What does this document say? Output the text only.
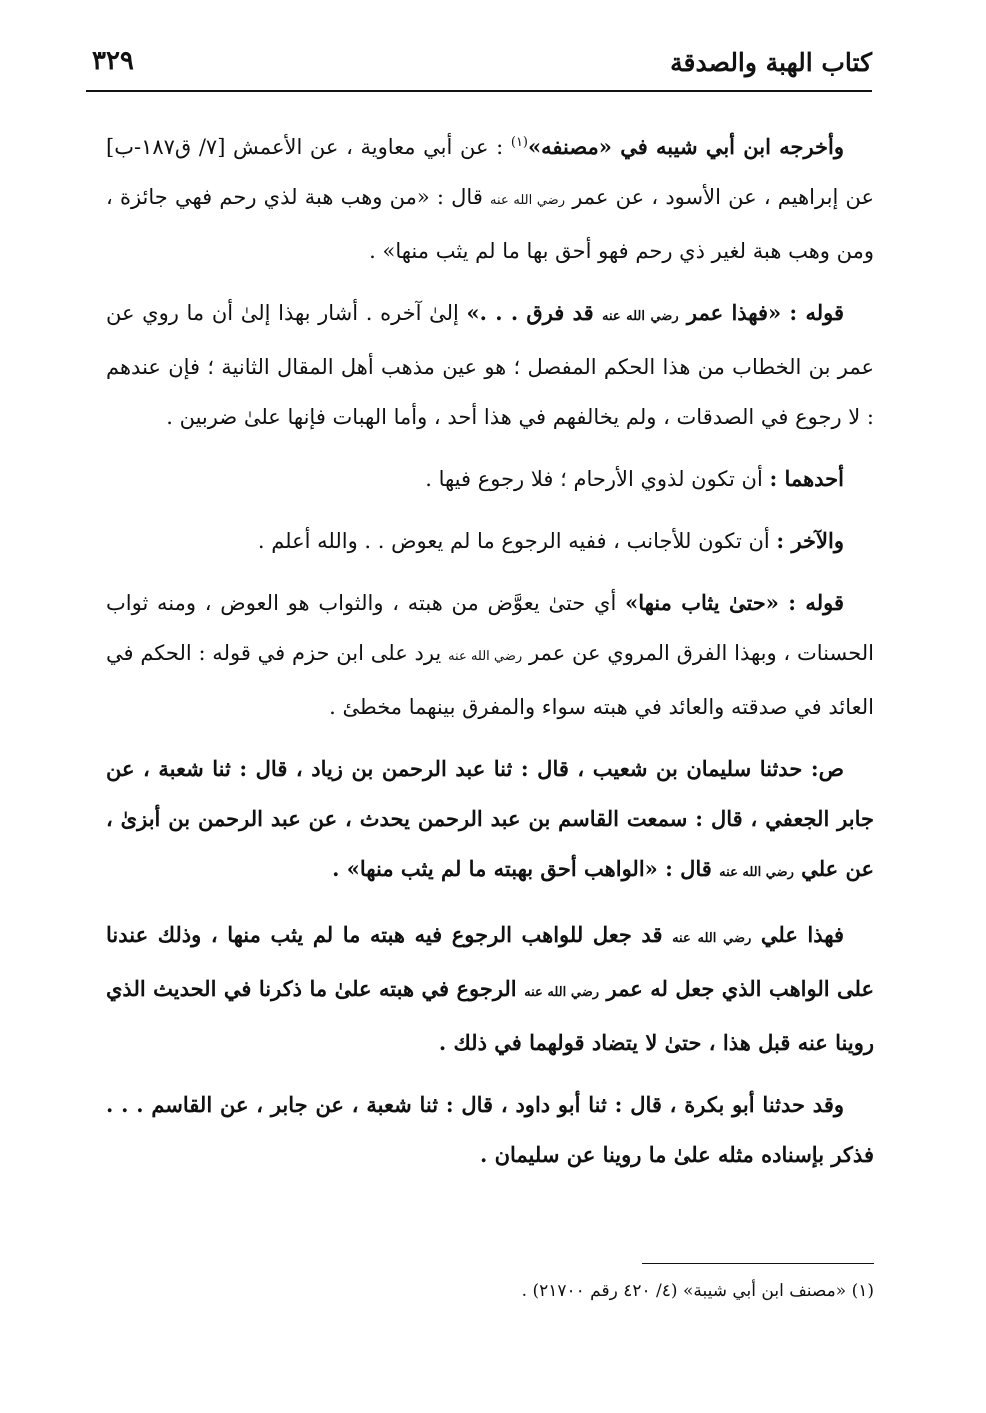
كتاب الهبة والصدقة
٣٢٩

وأخرجه ابن أبي شيبه في «مصنفه»$^{(١)}$ : عن أبي معاوية ، عن الأعمش [٧/ ق١٨٧-ب] عن إبراهيم ، عن الأسود ، عن عمر رضي الله عنه قال : «من وهب هبة لذي رحم فهي جائزة ، ومن وهب هبة لغير ذي رحم فهو أحق بها ما لم يثب منها» .

قوله : «فهذا عمر رضي الله عنه قد فرق . . .» إلىٰ آخره . أشار بهذا إلىٰ أن ما روي عن عمر بن الخطاب من هذا الحكم المفصل ؛ هو عين مذهب أهل المقال الثانية ؛ فإن عندهم : لا رجوع في الصدقات ، ولم يخالفهم في هذا أحد ، وأما الهبات فإنها علىٰ ضربين .

أحدهما : أن تكون لذوي الأرحام ؛ فلا رجوع فيها .

والآخر : أن تكون للأجانب ، ففيه الرجوع ما لم يعوض . . والله أعلم .

قوله : «حتىٰ يثاب منها» أي حتىٰ يعوَّض من هبته ، والثواب هو العوض ، ومنه ثواب الحسنات ، وبهذا الفرق المروي عن عمر رضي الله عنه يرد على ابن حزم في قوله : الحكم في العائد في صدقته والعائد في هبته سواء والمفرق بينهما مخطئ .

ص: حدثنا سليمان بن شعيب ، قال : ثنا عبد الرحمن بن زياد ، قال : ثنا شعبة ، عن جابر الجعفي ، قال : سمعت القاسم بن عبد الرحمن يحدث ، عن عبد الرحمن بن أبزىٰ ، عن علي رضي الله عنه قال : «الواهب أحق بهبته ما لم يثب منها» .

فهذا علي رضي الله عنه قد جعل للواهب الرجوع فيه هبته ما لم يثب منها ، وذلك عندنا على الواهب الذي جعل له عمر رضي الله عنه الرجوع في هبته علىٰ ما ذكرنا في الحديث الذي روينا عنه قبل هذا ، حتىٰ لا يتضاد قولهما في ذلك .

وقد حدثنا أبو بكرة ، قال : ثنا أبو داود ، قال : ثنا شعبة ، عن جابر ، عن القاسم . . . فذكر بإسناده مثله علىٰ ما روينا عن سليمان .

(١) «مصنف ابن أبي شيبة» (٤/ ٤٢٠ رقم ٢١٧٠٠) .
